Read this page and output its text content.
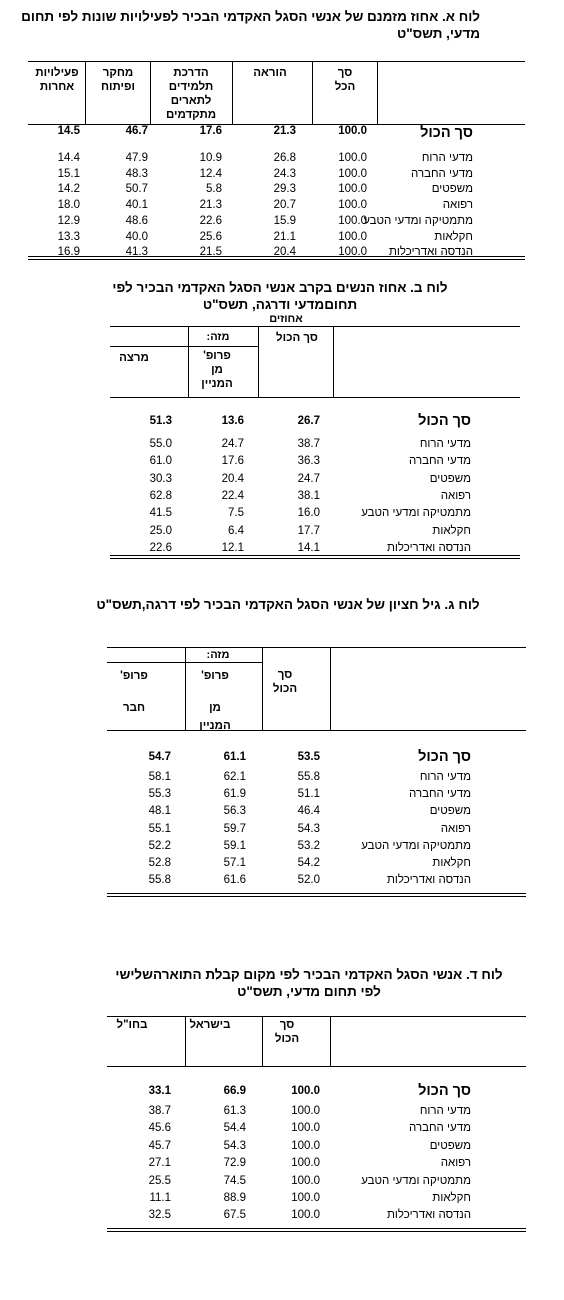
לוח א. אחוז מזמנם של אנשי הסגל האקדמי הבכיר לפעילויות שונות לפי תחום
מדעי, תשס"ט
סך
הכל
הוראה
הדרכת
תלמידים
לתארים
מתקדמים
מחקר
ופיתוח
פעילויות
אחרות
סך הכול
100.0
21.3
17.6
46.7
14.5
מדעי הרוח
100.0
26.8
10.9
47.9
14.4
מדעי החברה
100.0
24.3
12.4
48.3
15.1
משפטים
100.0
29.3
5.8
50.7
14.2
רפואה
100.0
20.7
21.3
40.1
18.0
מתמטיקה ומדעי הטבע
100.0
15.9
22.6
48.6
12.9
חקלאות
100.0
21.1
25.6
40.0
13.3
הנדסה ואדריכלות
100.0
20.4
21.5
41.3
16.9
לוח ב. אחוז הנשים בקרב אנשי הסגל האקדמי הבכיר לפי תחוםמדעי ודרגה, תשס"ט
אחוזים
מזה:	סך הכול
פרופ'
מן
המניין
מרצה
סך הכול
26.7
13.6
51.3
מדעי הרוח
38.7
24.7
55.0
מדעי החברה
36.3
17.6
61.0
משפטים
24.7
20.4
30.3
רפואה
38.1
22.4
62.8
מתמטיקה ומדעי הטבע
16.0
7.5
41.5
חקלאות
17.7
6.4
25.0
הנדסה ואדריכלות
14.1
12.1
22.6
לוח ג. גיל חציון של אנשי הסגל האקדמי הבכיר לפי דרגה,תשס"ט
מזה:
סך
הכול
פרופ'
מן
המניין
פרופ'
חבר
סך הכול
53.5
61.1
54.7
מדעי הרוח
55.8
62.1
58.1
מדעי החברה
51.1
61.9
55.3
משפטים
46.4
56.3
48.1
רפואה
54.3
59.7
55.1
מתמטיקה ומדעי הטבע
53.2
59.1
52.2
חקלאות
54.2
57.1
52.8
הנדסה ואדריכלות
52.0
61.6
55.8
לוח ד. אנשי הסגל האקדמי הבכיר לפי מקום קבלת התוארהשלישי לפי תחום מדעי, תשס"ט
סך
הכול
בישראל
בחו"ל
סך הכול
100.0
66.9
33.1
מדעי הרוח
100.0
61.3
38.7
מדעי החברה
100.0
54.4
45.6
משפטים
100.0
54.3
45.7
רפואה
100.0
72.9
27.1
מתמטיקה ומדעי הטבע
100.0
74.5
25.5
חקלאות
100.0
88.9
11.1
הנדסה ואדריכלות
100.0
67.5
32.5
